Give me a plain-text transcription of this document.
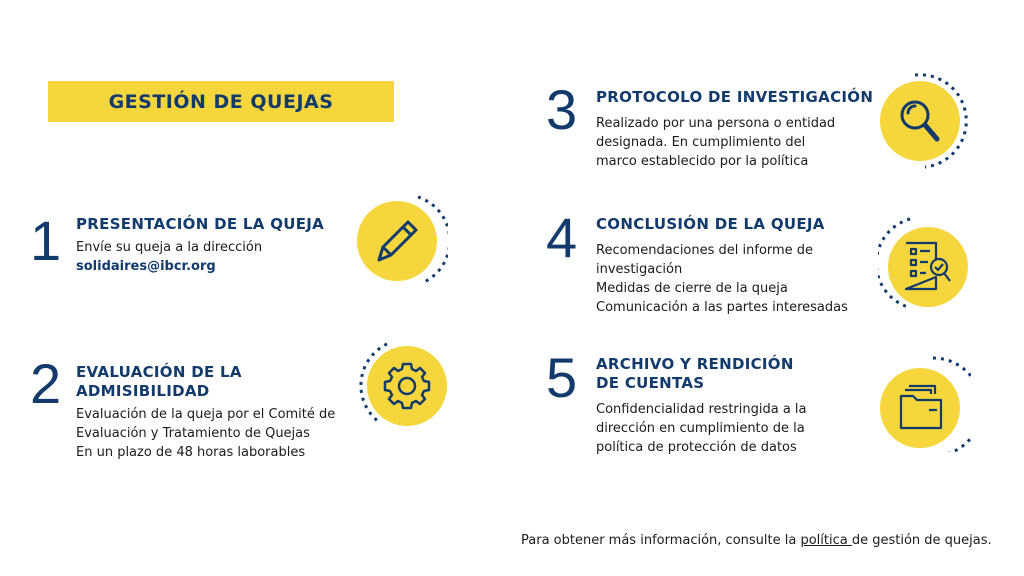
GESTIÓN DE QUEJAS
1 PRESENTACIÓN DE LA QUEJA
Envíe su queja a la dirección
solidaires@ibcr.org
2 EVALUACIÓN DE LA
ADMISIBILIDAD
Evaluación de la queja por el Comité de
Evaluación y Tratamiento de Quejas
En un plazo de 48 horas laborables
3 PROTOCOLO DE INVESTIGACIÓN
Realizado por una persona o entidad
designada. En cumplimiento del
marco establecido por la política
4 CONCLUSIÓN DE LA QUEJA
Recomendaciones del informe de
investigación
Medidas de cierre de la queja
Comunicación a las partes interesadas
5 ARCHIVO Y RENDICIÓN
DE CUENTAS
Confidencialidad restringida a la
dirección en cumplimiento de la
política de protección de datos
Para obtener más información, consulte la política de gestión de quejas.
